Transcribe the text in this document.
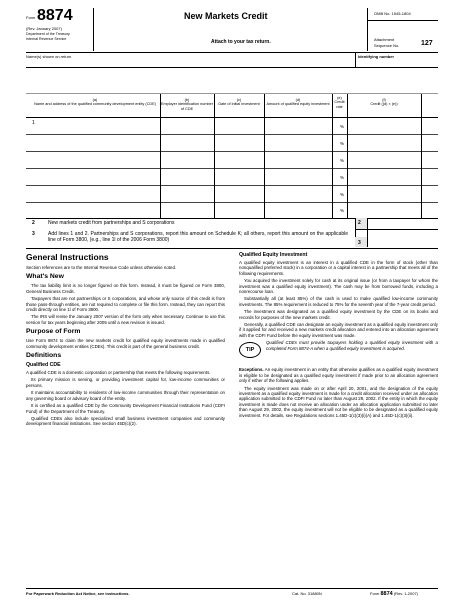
Form 8874
(Rev. January 2007)
Department of the Treasury
Internal Revenue Service
New Markets Credit
Attach to your tax return.
OMB No. 1545-1804
Attachment
Sequence No.	127
Name(s) shown on return	Identifying number
(a)
Name and address of the qualified community development entity (CDE)
(b)
Employer identification number of CDE
(c)
Date of initial investment
(d)
Amount of qualified equity investment
(e)
Credit rate
(f)
Credit ((d) × (e))
1
%
%
%
%
%
%
2	New markets credit from partnerships and S corporations	2
3	Add lines 1 and 2. Partnerships and S corporations, report this amount on Schedule K; all others, report this amount on the applicable line of Form 3800, (e.g., line 1l of the 2006 Form 3800)	3
General Instructions

Section references are to the Internal Revenue Code unless otherwise noted.

What's New

The tax liability limit is no longer figured on this form. Instead, it must be figured on Form 3800, General Business Credit.

Taxpayers that are not partnerships or S corporations, and whose only source of this credit is from those pass-through entities, are not required to complete or file this form. Instead, they can report this credit directly on line 1l of Form 3800.

The IRS will revise the January 2007 version of the form only when necessary. Continue to use this version for tax years beginning after 2005 until a new revision is issued.

Purpose of Form

Use Form 8874 to claim the new markets credit for qualified equity investments made in qualified community development entities (CDEs). This credit is part of the general business credit.

Definitions
Qualified CDE

A qualified CDE is a domestic corporation or partnership that meets the following requirements.

Its primary mission is serving, or providing investment capital for, low-income communities or persons.

It maintains accountability to residents of low-income communities through their representation on any governing board or advisory board of the entity.

It is certified as a qualified CDE by the Community Development Financial Institutions Fund (CDFI Fund) of the Department of the Treasury.

Qualified CDEs also include specialized small business investment companies and community development financial institutions. See section 45D(c)(2).

Qualified Equity Investment

A qualified equity investment is an interest in a qualified CDE in the form of stock (other than nonqualified preferred stock) in a corporation or a capital interest in a partnership that meets all of the following requirements.

You acquired the investment solely for cash at its original issue (or from a taxpayer for whom the investment was a qualified equity investment). The cash may be from borrowed funds, including a nonrecourse loan.

Substantially all (at least 85%) of the cash is used to make qualified low-income community investments. The 85% requirement is reduced to 75% for the seventh year of the 7-year credit period.

The investment was designated as a qualified equity investment by the CDE on its books and records for purposes of the new markets credit.

Generally, a qualified CDE can designate an equity investment as a qualified equity investment only if it applied for and received a new markets credit allocation and entered into an allocation agreement with the CDFI Fund before the equity investment was made.

TIP
Qualified CDEs must provide taxpayers holding a qualified equity investment with a completed Form 8874-A when a qualified equity investment is acquired.

Exceptions. An equity investment in an entity that otherwise qualifies as a qualified equity investment is eligible to be designated as a qualified equity investment if made prior to an allocation agreement only if either of the following applies.

The equity investment was made on or after April 20, 2001, and the designation of the equity investment as a qualified equity investment is made for a credit allocation received under an allocation application submitted to the CDFI Fund no later than August 29, 2002. If the entity in which the equity investment is made does not receive an allocation under an allocation application submitted no later than August 29, 2002, the equity investment will not be eligible to be designated as a qualified equity investment. For details, see Regulations sections 1.45D-1(c)(3)(i)(A) and 1.45D-1(c)(3)(ii).

For Paperwork Reduction Act Notice, see instructions.	Cat. No. 31880N	Form 8874 (Rev. 1-2007)
